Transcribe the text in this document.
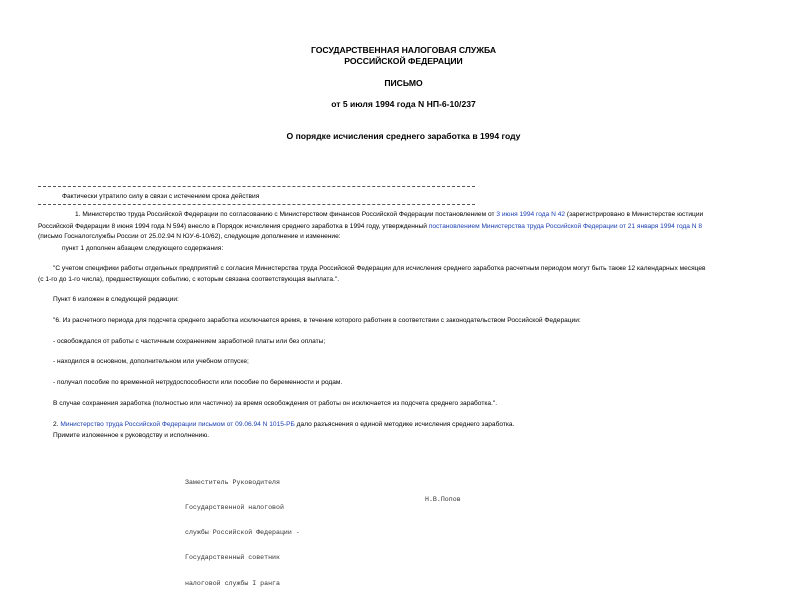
ГОСУДАРСТВЕННАЯ НАЛОГОВАЯ СЛУЖБА
РОССИЙСКОЙ ФЕДЕРАЦИИ
ПИСЬМО
от 5 июля 1994 года N НП-6-10/237
О порядке исчисления среднего заработка в 1994 году
Фактически утратило силу в связи с истечением срока действия
1. Министерство труда Российской Федерации по согласованию с Министерством финансов Российской Федерации постановлением от 3 июня 1994 года N 42 (зарегистрировано в Министерстве юстиции
Российской Федерации 8 июня 1994 года N 594) внесло в Порядок исчисления среднего заработка в 1994 году, утвержденный постановлением Министерства труда Российской Федерации от 21 января 1994 года N 8
(письмо Госналогслужбы России от 25.02.94 N ЮУ-6-10/62), следующие дополнение и изменение:
пункт 1 дополнен абзацем следующего содержания:
"С учетом специфики работы отдельных предприятий с согласия Министерства труда Российской Федерации для исчисления среднего заработка расчетным периодом могут быть также 12 календарных месяцев
(с 1-го до 1-го числа), предшествующих событию, с которым связана соответствующая выплата.".
Пункт 6 изложен в следующей редакции:
"6. Из расчетного периода для подсчета среднего заработка исключается время, в течение которого работник в соответствии с законодательством Российской Федерации:
- освобождался от работы с частичным сохранением заработной платы или без оплаты;
- находился в основном, дополнительном или учебном отпуске;
- получал пособие по временной нетрудоспособности или пособие по беременности и родам.
В случае сохранения заработка (полностью или частично) за время освобождения от работы он исключается из подсчета среднего заработка.".
2. Министерство труда Российской Федерации письмом от 09.06.94 N 1015-РБ дало разъяснения о единой методике исчисления среднего заработка.
Примите изложенное к руководству и исполнению.

Заместитель Руководителя

Государственной налоговой

службы Российской Федерации -

Государственный советник

налоговой службы I ранга

Н.В.Попов
